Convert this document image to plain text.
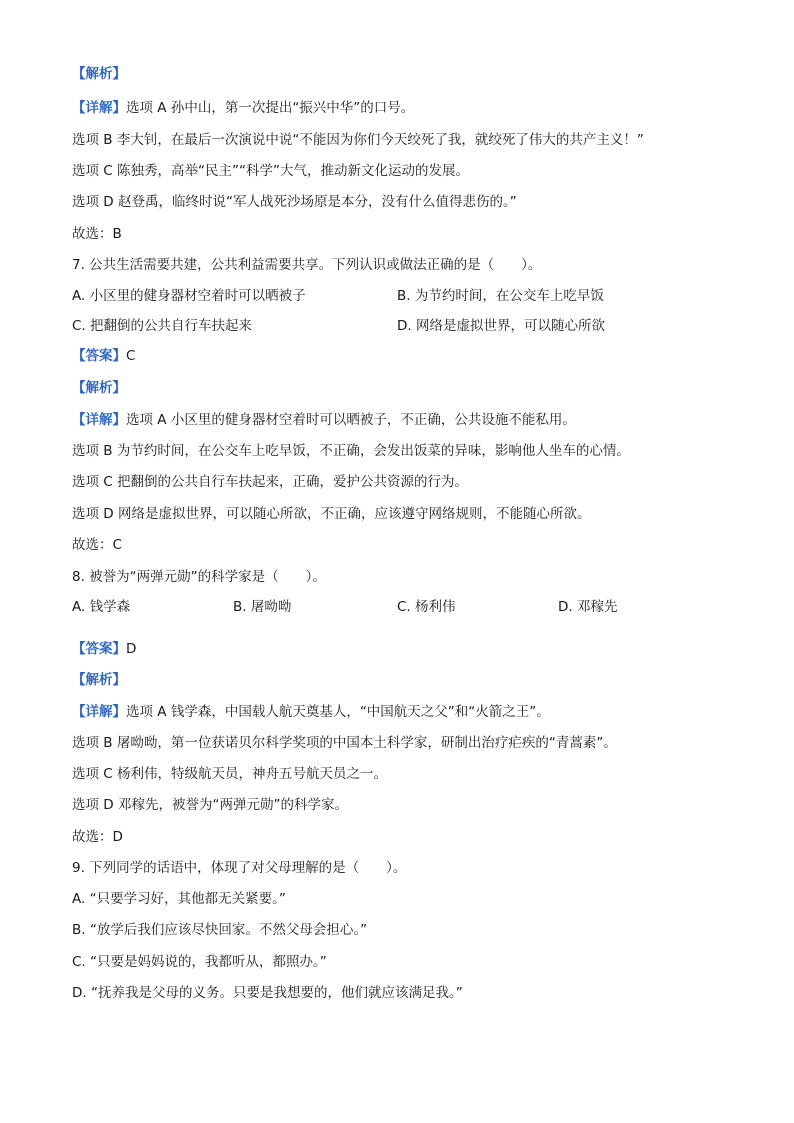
【解析】
【详解】选项 A 孙中山，第一次提出“振兴中华”的口号。
选项 B 李大钊，在最后一次演说中说“不能因为你们今天绞死了我，就绞死了伟大的共产主义！”
选项 C 陈独秀，高举“民主”“科学”大气，推动新文化运动的发展。
选项 D 赵登禹，临终时说“军人战死沙场原是本分，没有什么值得悲伤的。”
故选：B
7. 公共生活需要共建，公共利益需要共享。下列认识或做法正确的是（　　）。
A. 小区里的健身器材空着时可以晒被子	B. 为节约时间，在公交车上吃早饭
C. 把翻倒的公共自行车扶起来	D. 网络是虚拟世界，可以随心所欲
【答案】C
【解析】
【详解】选项 A 小区里的健身器材空着时可以晒被子，不正确，公共设施不能私用。
选项 B 为节约时间，在公交车上吃早饭，不正确，会发出饭菜的异味，影响他人坐车的心情。
选项 C 把翻倒的公共自行车扶起来，正确，爱护公共资源的行为。
选项 D 网络是虚拟世界，可以随心所欲，不正确，应该遵守网络规则，不能随心所欲。
故选：C
8. 被誉为“两弹元勋”的科学家是（　　）。
A. 钱学森	B. 屠呦呦	C. 杨利伟	D. 邓稼先
【答案】D
【解析】
【详解】选项 A 钱学森，中国载人航天奠基人，“中国航天之父”和“火箭之王”。
选项 B 屠呦呦，第一位获诺贝尔科学奖项的中国本土科学家，研制出治疗疟疾的“青蒿素”。
选项 C 杨利伟，特级航天员，神舟五号航天员之一。
选项 D 邓稼先，被誉为“两弹元勋”的科学家。
故选：D
9. 下列同学的话语中，体现了对父母理解的是（　　）。
A. “只要学习好，其他都无关紧要。”
B. “放学后我们应该尽快回家。不然父母会担心。”
C. “只要是妈妈说的，我都听从，都照办。”
D. “抚养我是父母的义务。只要是我想要的，他们就应该满足我。”
